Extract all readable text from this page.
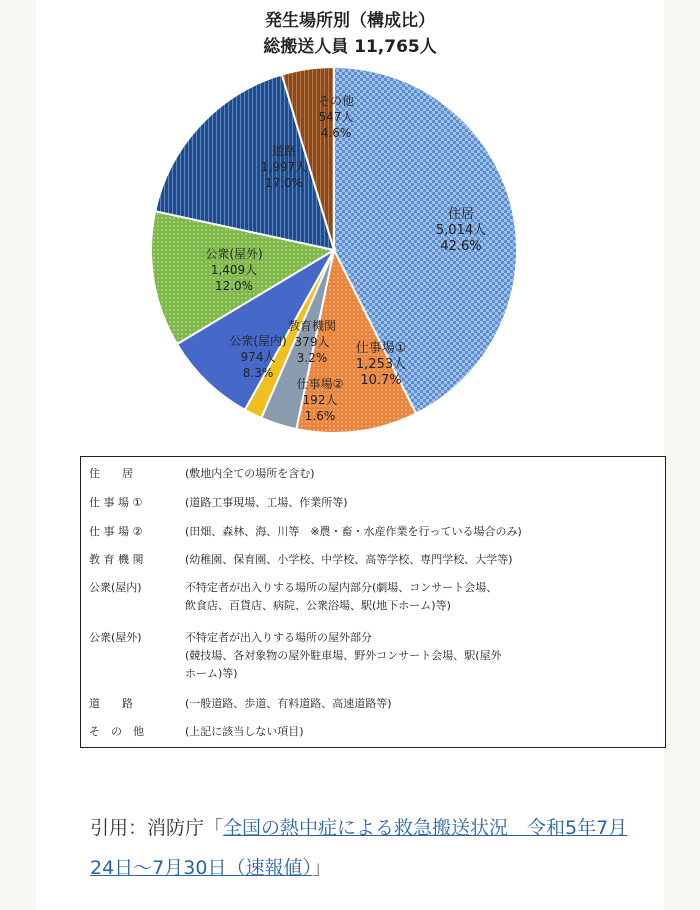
発生場所別（構成比）
総搬送人員 11,765人
住居 5,014人 42.6%
仕事場① 1,253人 10.7%
教育機関 379人 3.2%
仕事場② 192人 1.6%
公衆(屋内) 974人 8.3%
公衆(屋外) 1,409人 12.0%
道路 1,997人 17.0%
その他 547人 4.6%
住　　居	(敷地内全ての場所を含む)
仕 事 場 ①	(道路工事現場、工場、作業所等)
仕 事 場 ②	(田畑、森林、海、川等　※農・畜・水産作業を行っている場合のみ)
教 育 機 関	(幼稚園、保育園、小学校、中学校、高等学校、専門学校、大学等)
公衆(屋内)	不特定者が出入りする場所の屋内部分(劇場、コンサート会場、
飲食店、百貨店、病院、公衆浴場、駅(地下ホーム)等)
公衆(屋外)	不特定者が出入りする場所の屋外部分
(競技場、各対象物の屋外駐車場、野外コンサート会場、駅(屋外
ホーム)等)
道　　路	(一般道路、歩道、有料道路、高速道路等)
そ　の　他	(上記に該当しない項目)
引用：消防庁「全国の熱中症による救急搬送状況　令和5年7月24日～7月30日（速報値）」
